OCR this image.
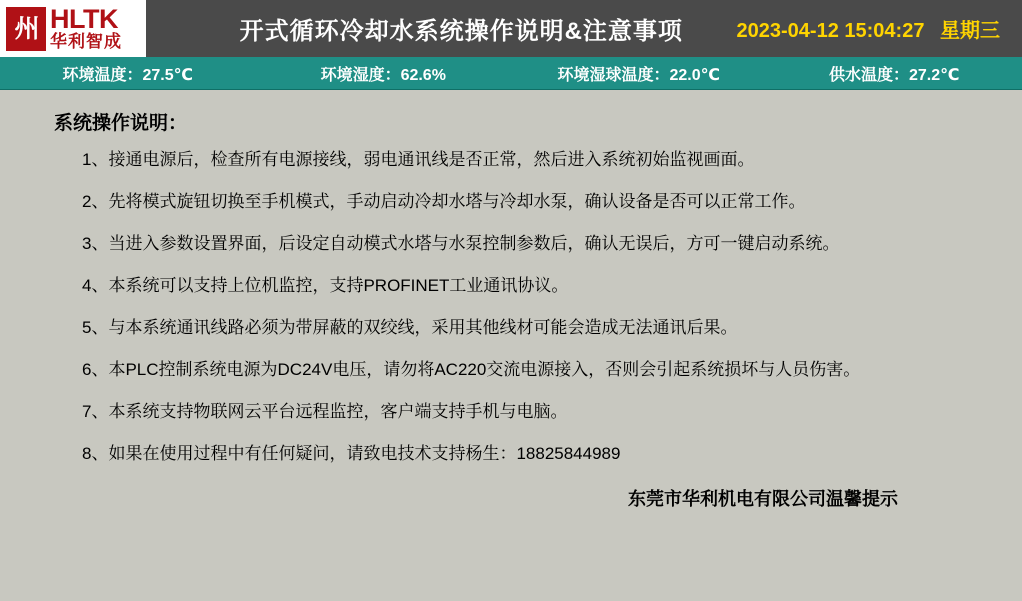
州 HLTK
华利智成	开式循环冷却水系统操作说明&注意事项	2023-04-12 15:04:27 星期三
环境温度：27.5℃	环境湿度：62.6%	环境湿球温度：22.0℃	供水温度：27.2℃
系统操作说明：
1、接通电源后，检查所有电源接线，弱电通讯线是否正常，然后进入系统初始监视画面。
2、先将模式旋钮切换至手机模式，手动启动冷却水塔与冷却水泵，确认设备是否可以正常工作。
3、当进入参数设置界面，后设定自动模式水塔与水泵控制参数后，确认无误后，方可一键启动系统。
4、本系统可以支持上位机监控，支持PROFINET工业通讯协议。
5、与本系统通讯线路必须为带屏蔽的双绞线，采用其他线材可能会造成无法通讯后果。
6、本PLC控制系统电源为DC24V电压，请勿将AC220交流电源接入，否则会引起系统损坏与人员伤害。
7、本系统支持物联网云平台远程监控，客户端支持手机与电脑。
8、如果在使用过程中有任何疑问，请致电技术支持杨生：18825844989
东莞市华利机电有限公司温馨提示
